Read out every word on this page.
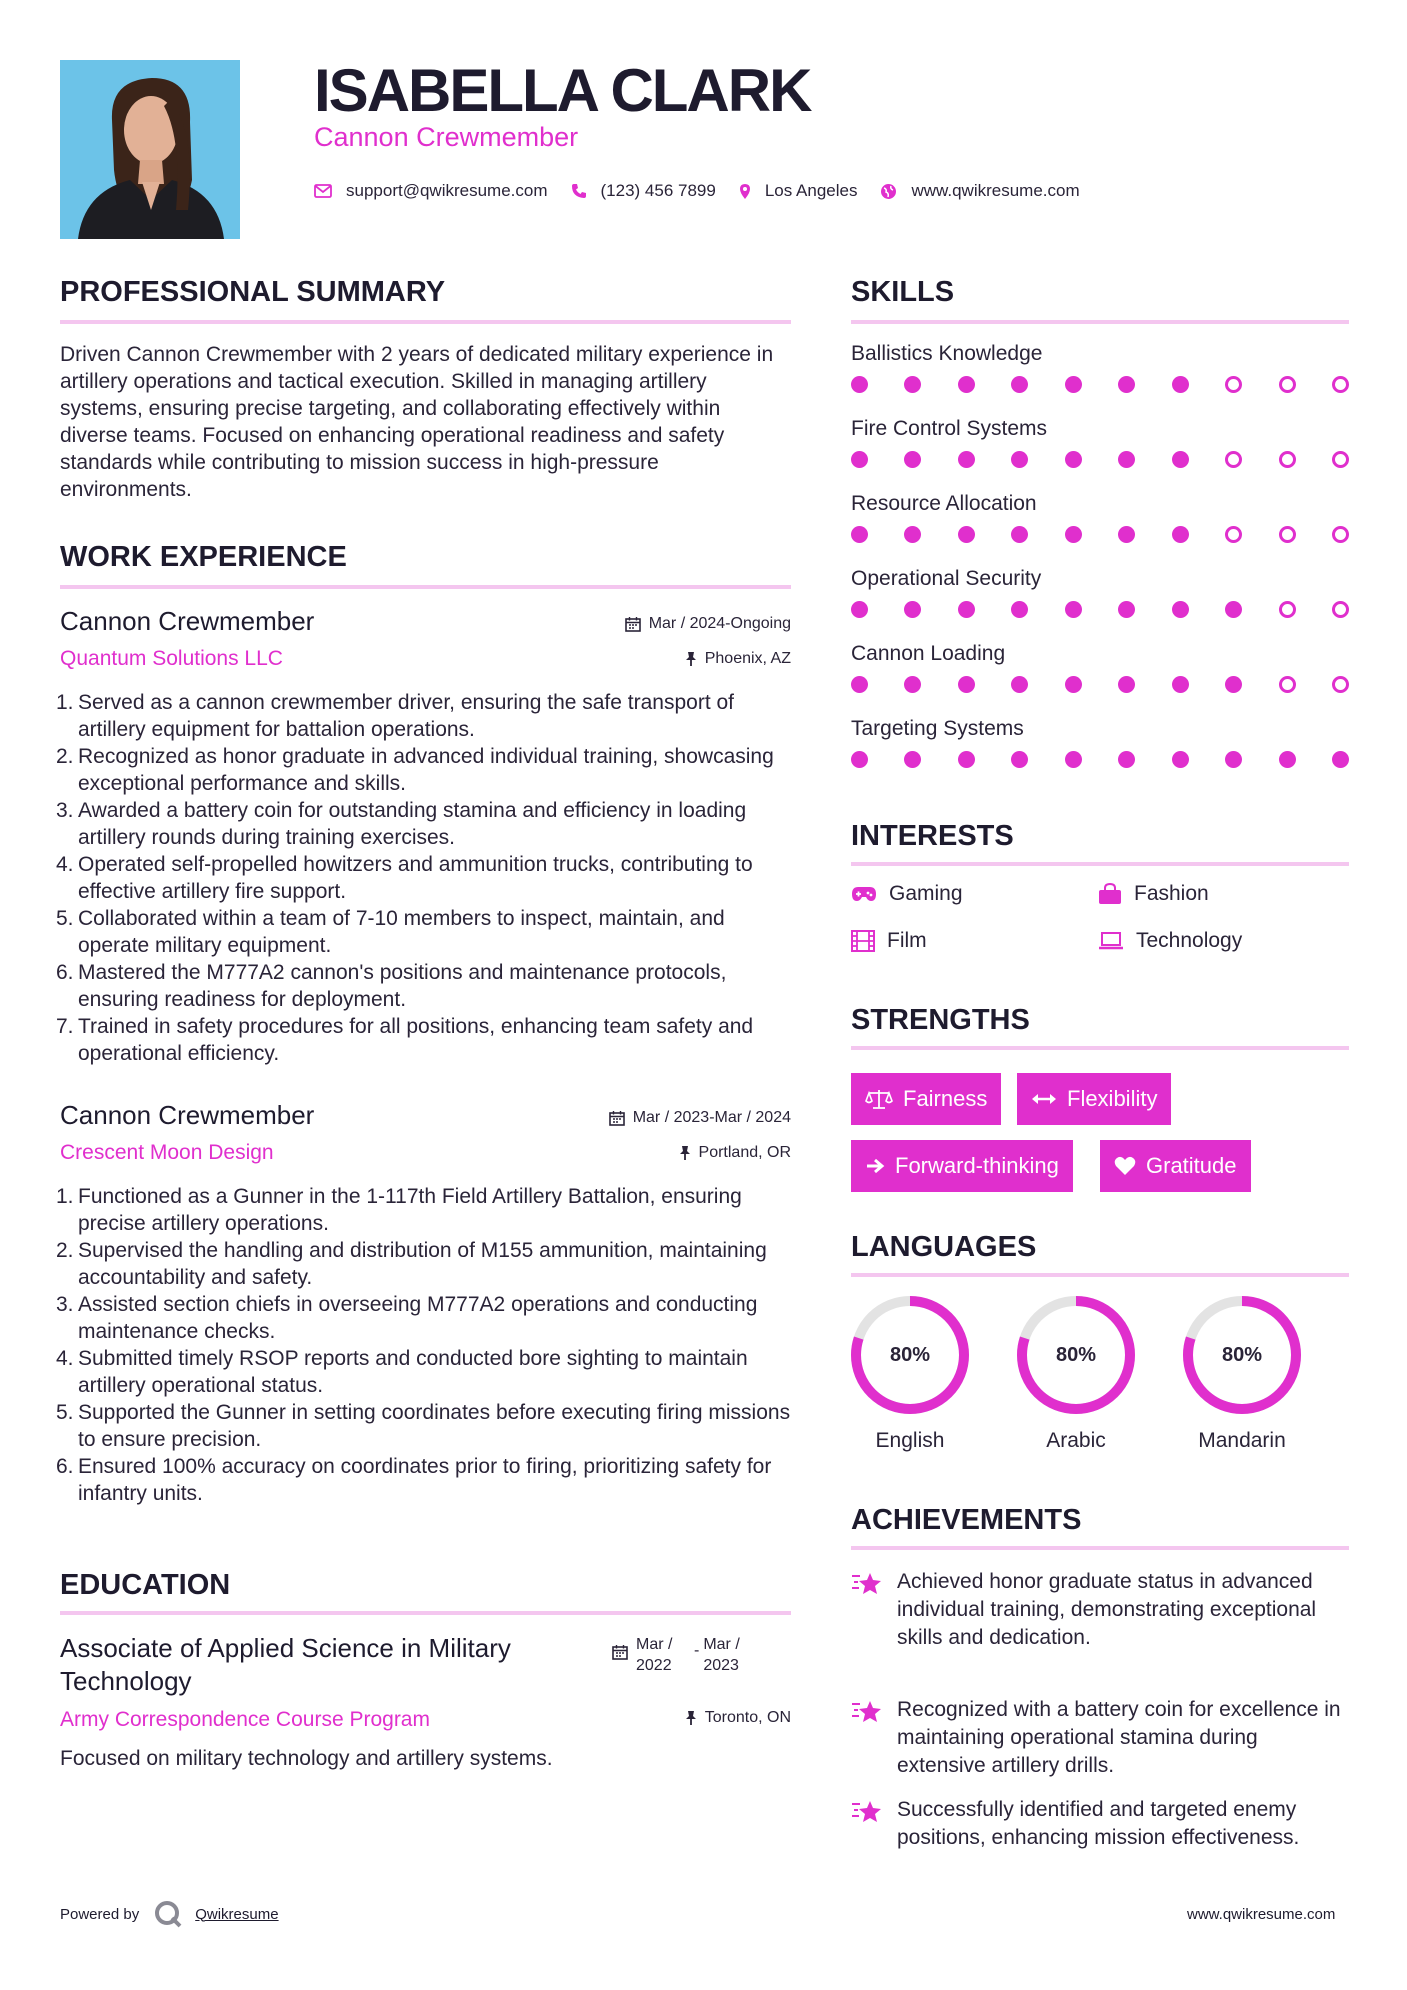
ISABELLA CLARK
Cannon Crewmember
support@qwikresume.com	(123) 456 7899	Los Angeles	www.qwikresume.com
PROFESSIONAL SUMMARY
Driven Cannon Crewmember with 2 years of dedicated military experience in artillery operations and tactical execution. Skilled in managing artillery systems, ensuring precise targeting, and collaborating effectively within diverse teams. Focused on enhancing operational readiness and safety standards while contributing to mission success in high-pressure environments.
WORK EXPERIENCE
Cannon Crewmember	Mar / 2024-Ongoing
Quantum Solutions LLC	Phoenix, AZ
1. Served as a cannon crewmember driver, ensuring the safe transport of artillery equipment for battalion operations.
2. Recognized as honor graduate in advanced individual training, showcasing exceptional performance and skills.
3. Awarded a battery coin for outstanding stamina and efficiency in loading artillery rounds during training exercises.
4. Operated self-propelled howitzers and ammunition trucks, contributing to effective artillery fire support.
5. Collaborated within a team of 7-10 members to inspect, maintain, and operate military equipment.
6. Mastered the M777A2 cannon's positions and maintenance protocols, ensuring readiness for deployment.
7. Trained in safety procedures for all positions, enhancing team safety and operational efficiency.
Cannon Crewmember	Mar / 2023-Mar / 2024
Crescent Moon Design	Portland, OR
1. Functioned as a Gunner in the 1-117th Field Artillery Battalion, ensuring precise artillery operations.
2. Supervised the handling and distribution of M155 ammunition, maintaining accountability and safety.
3. Assisted section chiefs in overseeing M777A2 operations and conducting maintenance checks.
4. Submitted timely RSOP reports and conducted bore sighting to maintain artillery operational status.
5. Supported the Gunner in setting coordinates before executing firing missions to ensure precision.
6. Ensured 100% accuracy on coordinates prior to firing, prioritizing safety for infantry units.
EDUCATION
Associate of Applied Science in Military Technology
Mar / 2022
- Mar / 2023
Army Correspondence Course Program	Toronto, ON
Focused on military technology and artillery systems.
SKILLS
Ballistics Knowledge
Fire Control Systems
Resource Allocation
Operational Security
Cannon Loading
Targeting Systems
INTERESTS
Gaming	Fashion
Film	Technology
STRENGTHS
Fairness	Flexibility
Forward-thinking	Gratitude
LANGUAGES
80%
English
80%
Arabic
80%
Mandarin
ACHIEVEMENTS
Achieved honor graduate status in advanced individual training, demonstrating exceptional skills and dedication.
Recognized with a battery coin for excellence in maintaining operational stamina during extensive artillery drills.
Successfully identified and targeted enemy positions, enhancing mission effectiveness.
Powered by	Qwikresume	www.qwikresume.com
